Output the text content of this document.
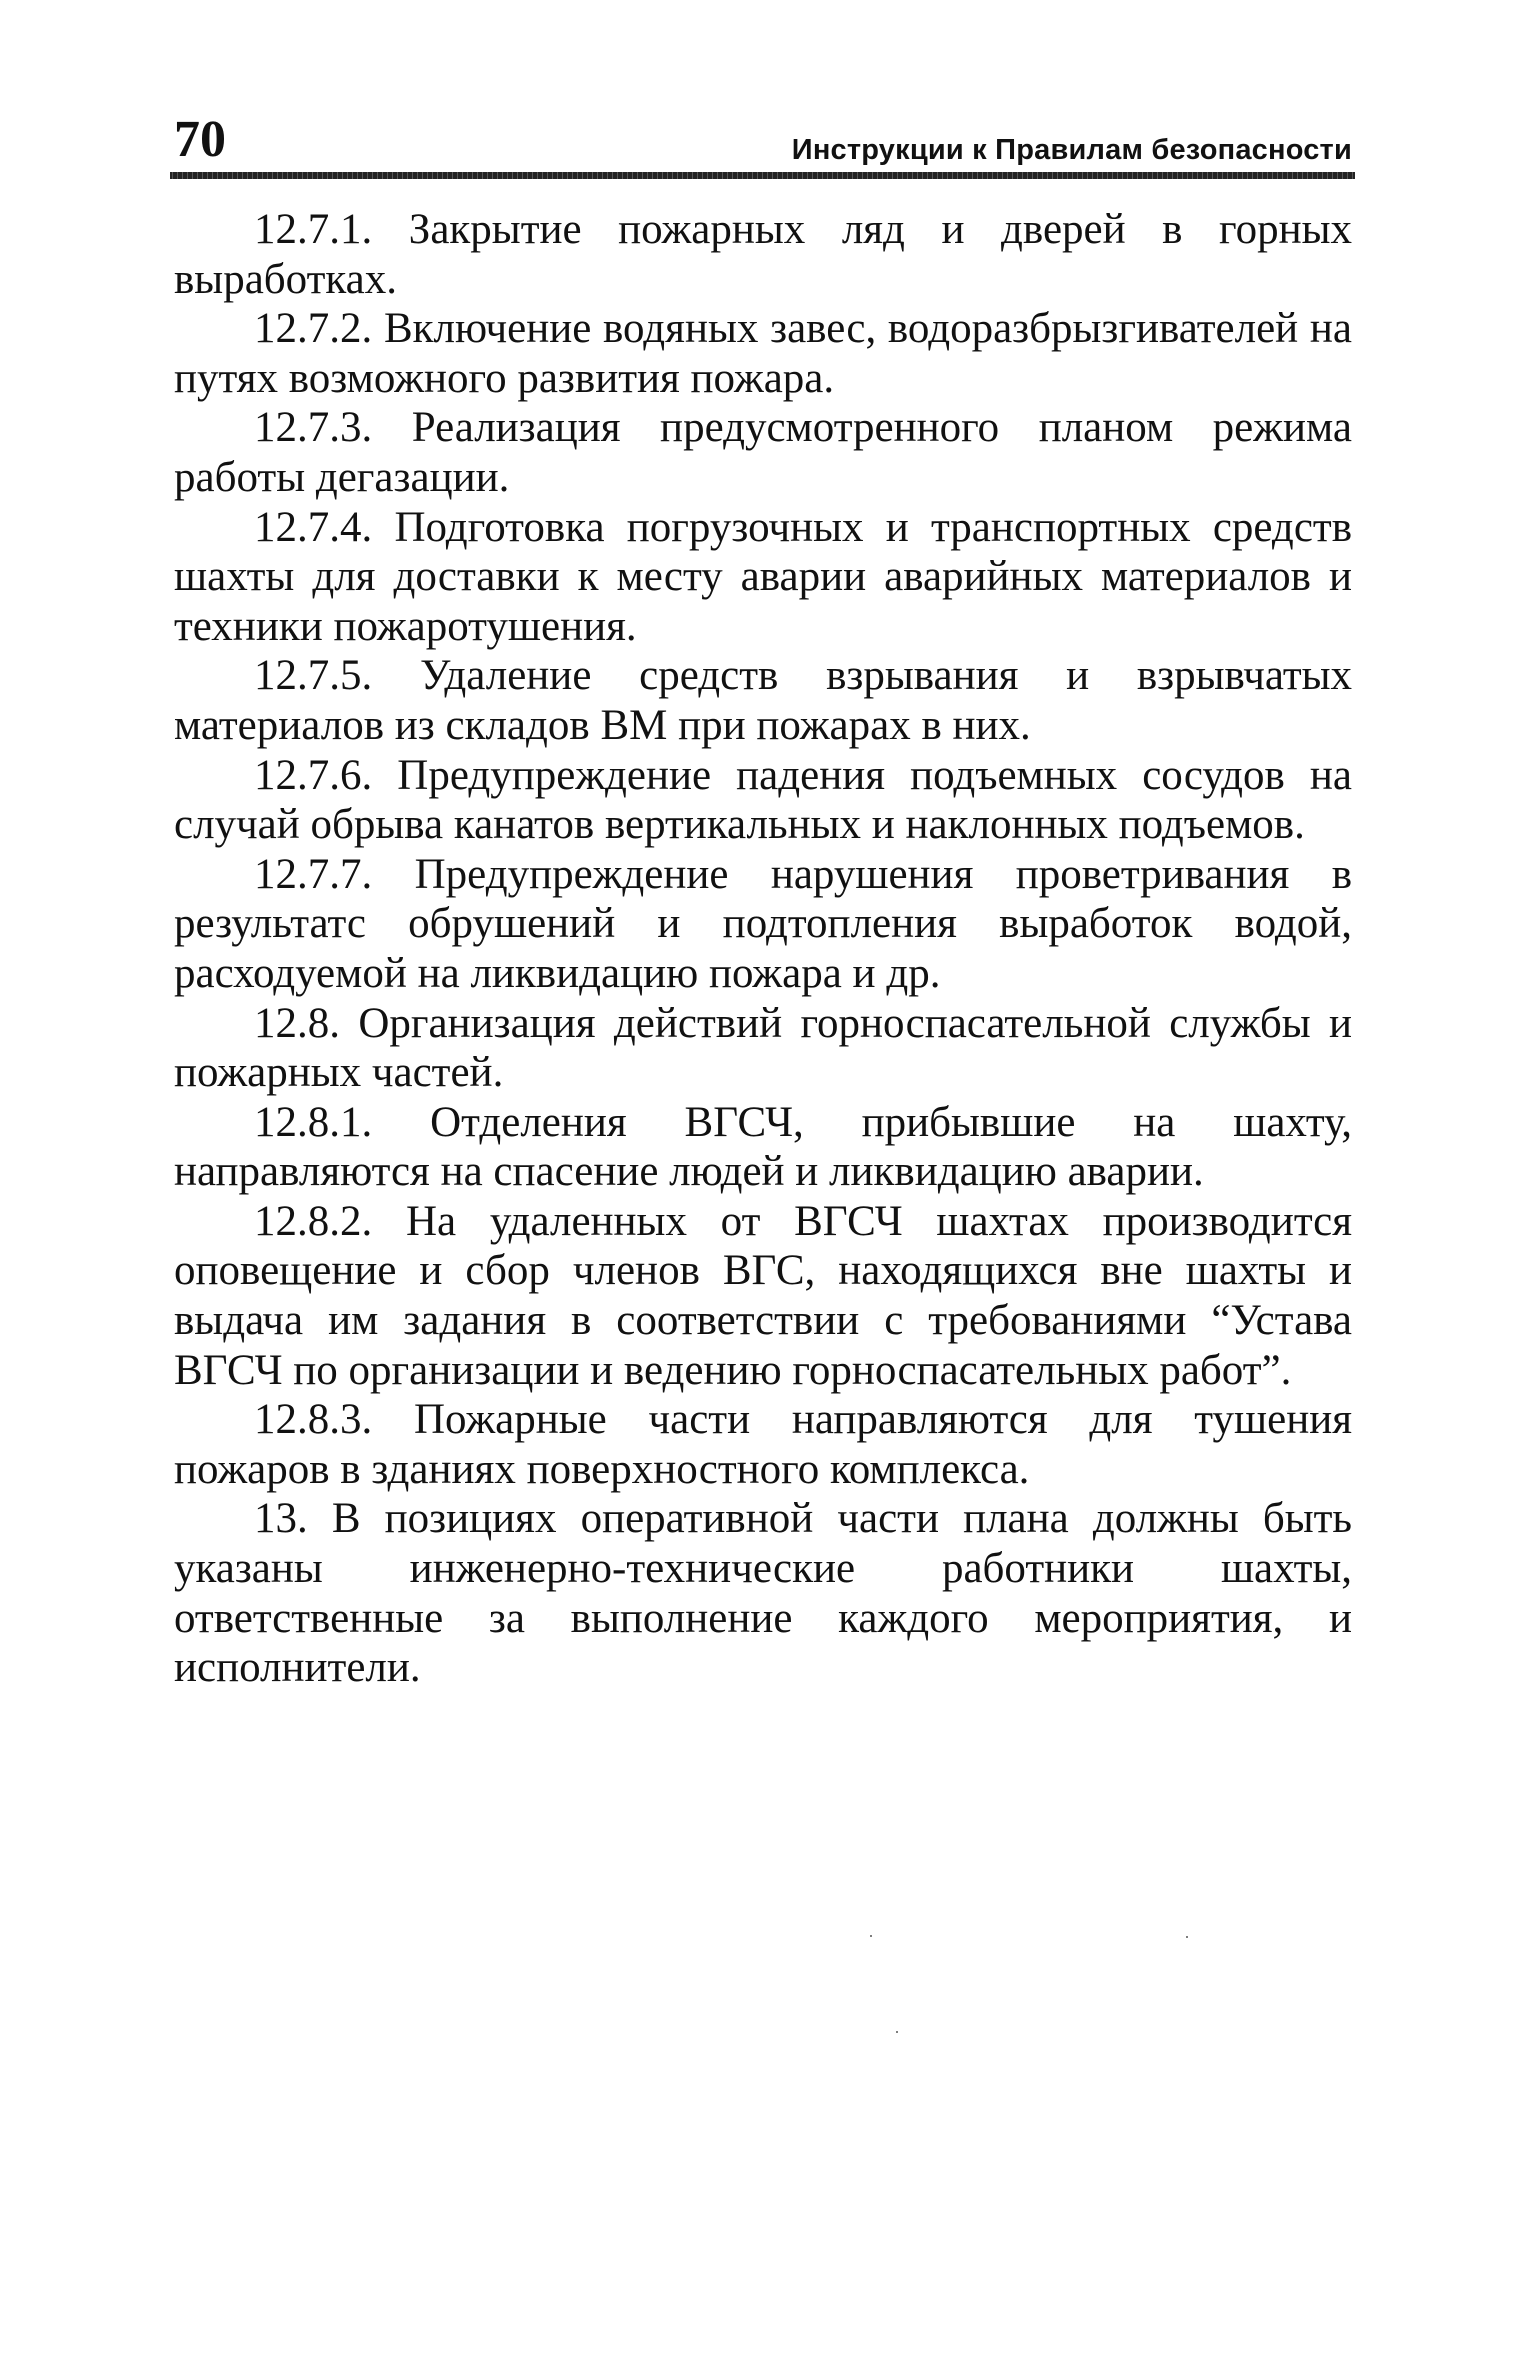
70	Инструкции к Правилам безопасности

12.7.1. Закрытие пожарных ляд и дверей в горных выработках.

12.7.2. Включение водяных завес, водоразбрызгивателей на путях возможного развития пожара.

12.7.3. Реализация предусмотренного планом режима работы дегазации.

12.7.4. Подготовка погрузочных и транспортных средств шахты для доставки к месту аварии аварийных материалов и техники пожаротушения.

12.7.5. Удаление средств взрывания и взрывчатых материалов из складов ВМ при пожарах в них.

12.7.6. Предупреждение падения подъемных сосудов на случай обрыва канатов вертикальных и наклонных подъемов.

12.7.7. Предупреждение нарушения проветривания в результатс обрушений и подтопления выработок водой, расходуемой на ликвидацию пожара и др.

12.8. Организация действий горноспасательной службы и пожарных частей.

12.8.1. Отделения ВГСЧ, прибывшие на шахту, направляются на спасение людей и ликвидацию аварии.

12.8.2. На удаленных от ВГСЧ шахтах производится оповещение и сбор членов ВГС, находящихся вне шахты и выдача им задания в соответствии с требованиями “Устава ВГСЧ по организации и ведению горноспасательных работ”.

12.8.3. Пожарные части направляются для тушения пожаров в зданиях поверхностного комплекса.

13. В позициях оперативной части плана должны быть указаны инженерно-технические работники шахты, ответственные за выполнение каждого мероприятия, и исполнители.
